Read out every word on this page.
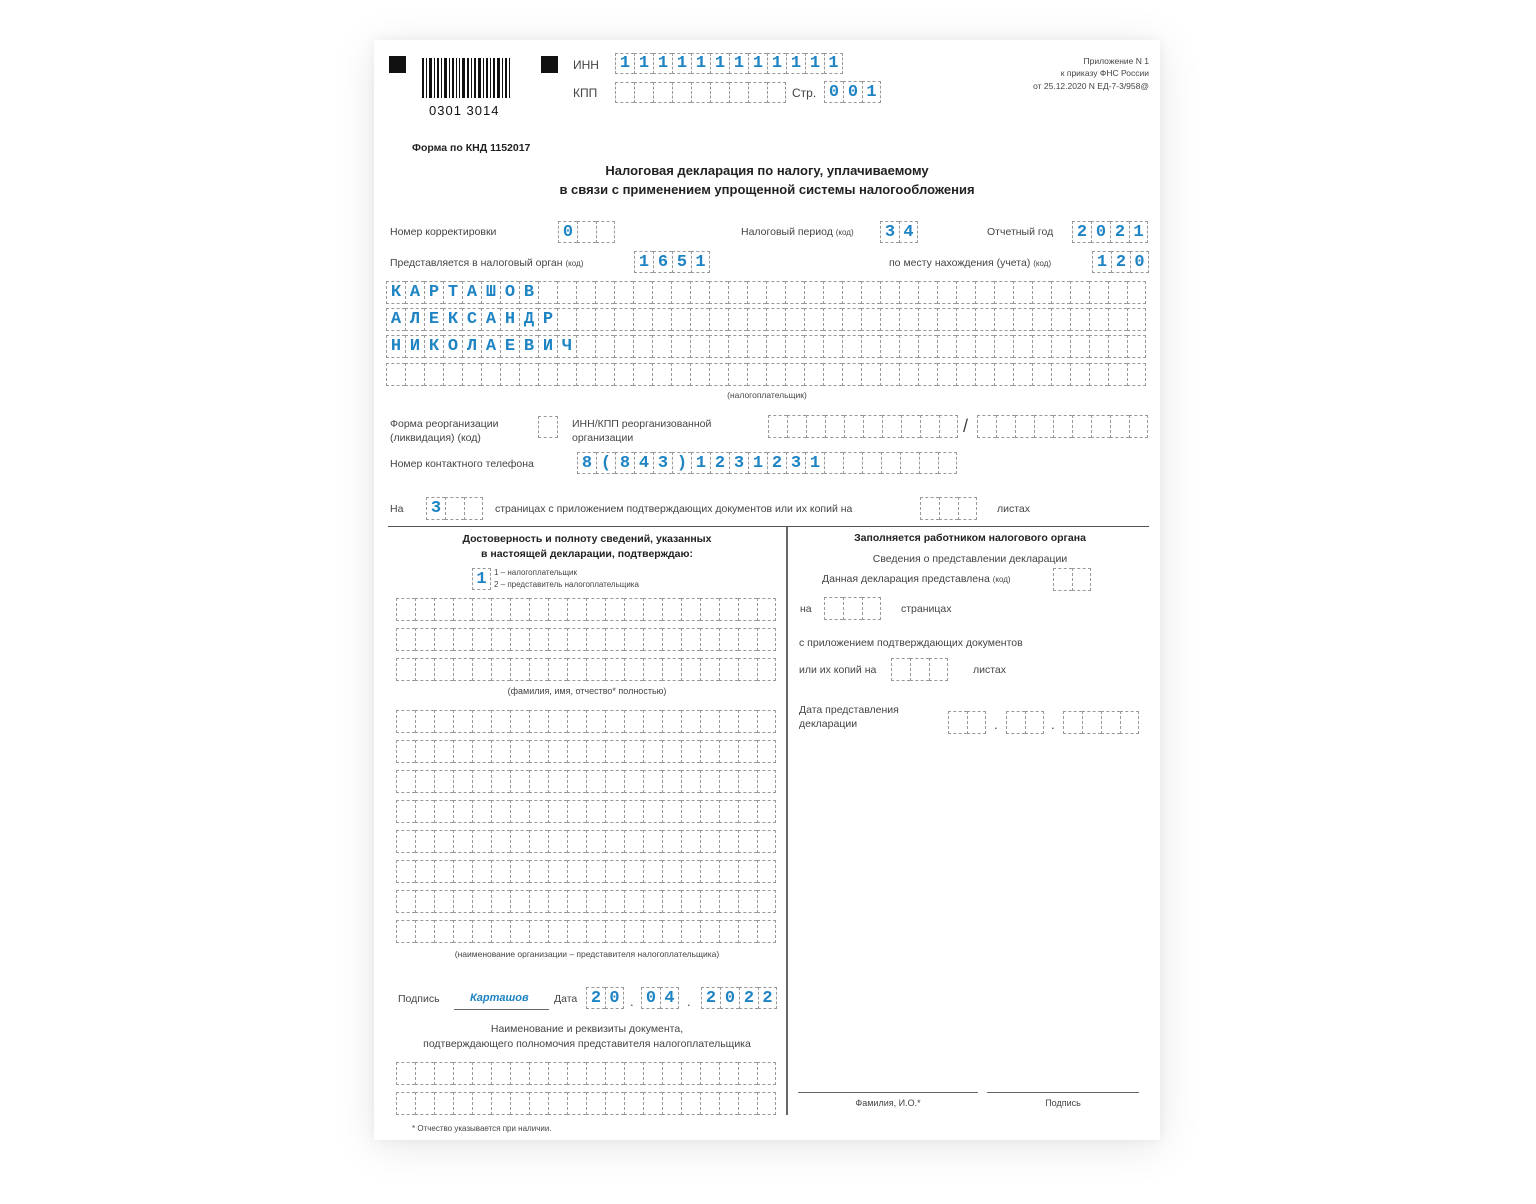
0301 3014
ИНН 1 1 1 1 1 1 1 1 1 1 1 1
КПП	Стр. 0 0 1
Приложение N 1
к приказу ФНС России
от 25.12.2020 N ЕД-7-3/958@
Форма по КНД 1152017
Налоговая декларация по налогу, уплачиваемому
в связи с применением упрощенной системы налогообложения
Номер корректировки	0	Налоговый период (код) 3 4	Отчетный год 2 0 2 1
Представляется в налоговый орган (код)	1 6 5 1	по месту нахождения (учета) (код)	1 2 0
К А Р Т А Ш О В
А Л Е К С А Н Д Р
Н И К О Л А Е В И Ч
(налогоплательщик)
Форма реорганизации
(ликвидация) (код)
ИНН/КПП реорганизованной
организации
/
Номер контактного телефона	8 ( 8 4 3 ) 1 2 3 1 2 3 1
На 3	страницах с приложением подтверждающих документов или их копий на	листах
Достоверность и полноту сведений, указанных
в настоящей декларации, подтверждаю:
1 1 – налогоплательщик
2 – представитель налогоплательщика
(фамилия, имя, отчество* полностью)
(наименование организации – представителя налогоплательщика)
Подпись	Карташов Дата 2 0 . 0 4 . 2 0 2 2
Наименование и реквизиты документа,
подтверждающего полномочия представителя налогоплательщика
* Отчество указывается при наличии.
Заполняется работником налогового органа
Сведения о представлении декларации
Данная декларация представлена (код)
на	страницах
с приложением подтверждающих документов
или их копий на	листах
Дата представления
декларации	.	.
Фамилия, И.О.*	Подпись
